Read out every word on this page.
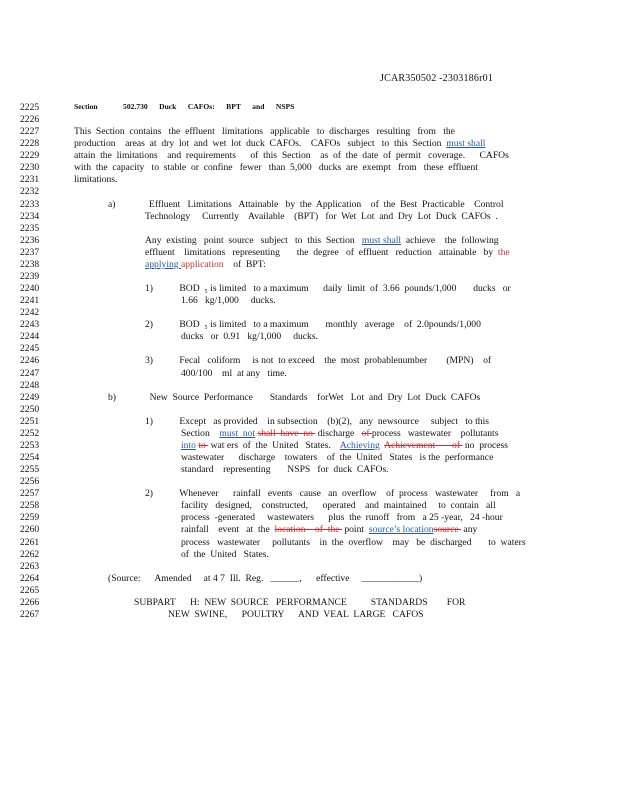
JCAR350502 -2303186r01
2225	Section      502.730      Duck      CAFOs:      BPT      and      NSPS
2226
2227	This  Section  contains   the  effluent   limitations   applicable   to  discharges   resulting   from   the
2228	production    areas  at  dry  lot  and  wet  lot  duck  CAFOs.    CAFOs   subject   to  this  Section  must shall
2229	attain  the  limitations    and  requirements      of  this  Section    as  of  the  date  of  permit   coverage.      CAFOs
2230	with  the  capacity   to  stable  or  confine   fewer   than  5,000   ducks  are  exempt   from   these  effluent
2231	limitations.
2232
2233	a)              Effluent   Limitations   Attainable   by  the  Application    of  the  Best  Practicable    Control
2234	Technology     Currently    Available    (BPT)   for  Wet  Lot  and  Dry  Lot  Duck  CAFOs  .
2235
2236	Any  existing   point  source   subject   to  this  Section   must shall  achieve    the  following
2237	effluent    limitations   representing       the  degree   of  effluent   reduction   attainable   by  the
2238	applying application    of  BPT:
2239
2240	1)           BOD  ₅ is limited   to a maximum      daily  limit  of  3.66  pounds/1,000       ducks   or
2241	1.66   kg/1,000     ducks.
2242
2243	2)           BOD  ₅ is limited   to a maximum       monthly   average    of  2.0pounds/1,000
2244	ducks   or  0.91   kg/1,000     ducks.
2245
2246	3)           Fecal   coliform     is not  to exceed    the  most  probablenumber        (MPN)    of
2247	400/100    ml  at any   time.
2248
2249	b)              New  Source  Performance       Standards    forWet   Lot  and  Dry  Lot  Duck  CAFOs
2250
2251	1)           Except   as provided    in subsection    (b)(2),   any  newsource     subject   to this
2252	Section    must  not shall  have  no  discharge   of process   wastewater    pollutants
2253	into to  wat ers  of  the  United   States.    Achieving Achievement       of  no  process
2254	wastewater      discharge    towaters    of  the  United   States   is the  performance
2255	standard    representing       NSPS   for  duck  CAFOs.
2256
2257	2)           Whenever      rainfall   events   cause   an  overflow    of  process   wastewater     from   a
2258	facility   designed,    constructed,      operated    and  maintained     to  contain   all
2259	process  -generated     wastewaters      plus  the  runoff   from   a 25 -year,   24 -hour
2260	rainfall    event   at  the  location    of  the  point  source’s locationsource  any
2261	process   wastewater     pollutants    in  the  overflow    may   be  discharged       to  waters
2262	of  the  United   States.
2263
2264	(Source:      Amended     at 4 7  Ill.  Reg.   ______,      effective     ____________)
2265
2266	SUBPART      H:  NEW  SOURCE   PERFORMANCE          STANDARDS        FOR
2267	NEW  SWINE,      POULTRY      AND  VEAL  LARGE   CAFOS
